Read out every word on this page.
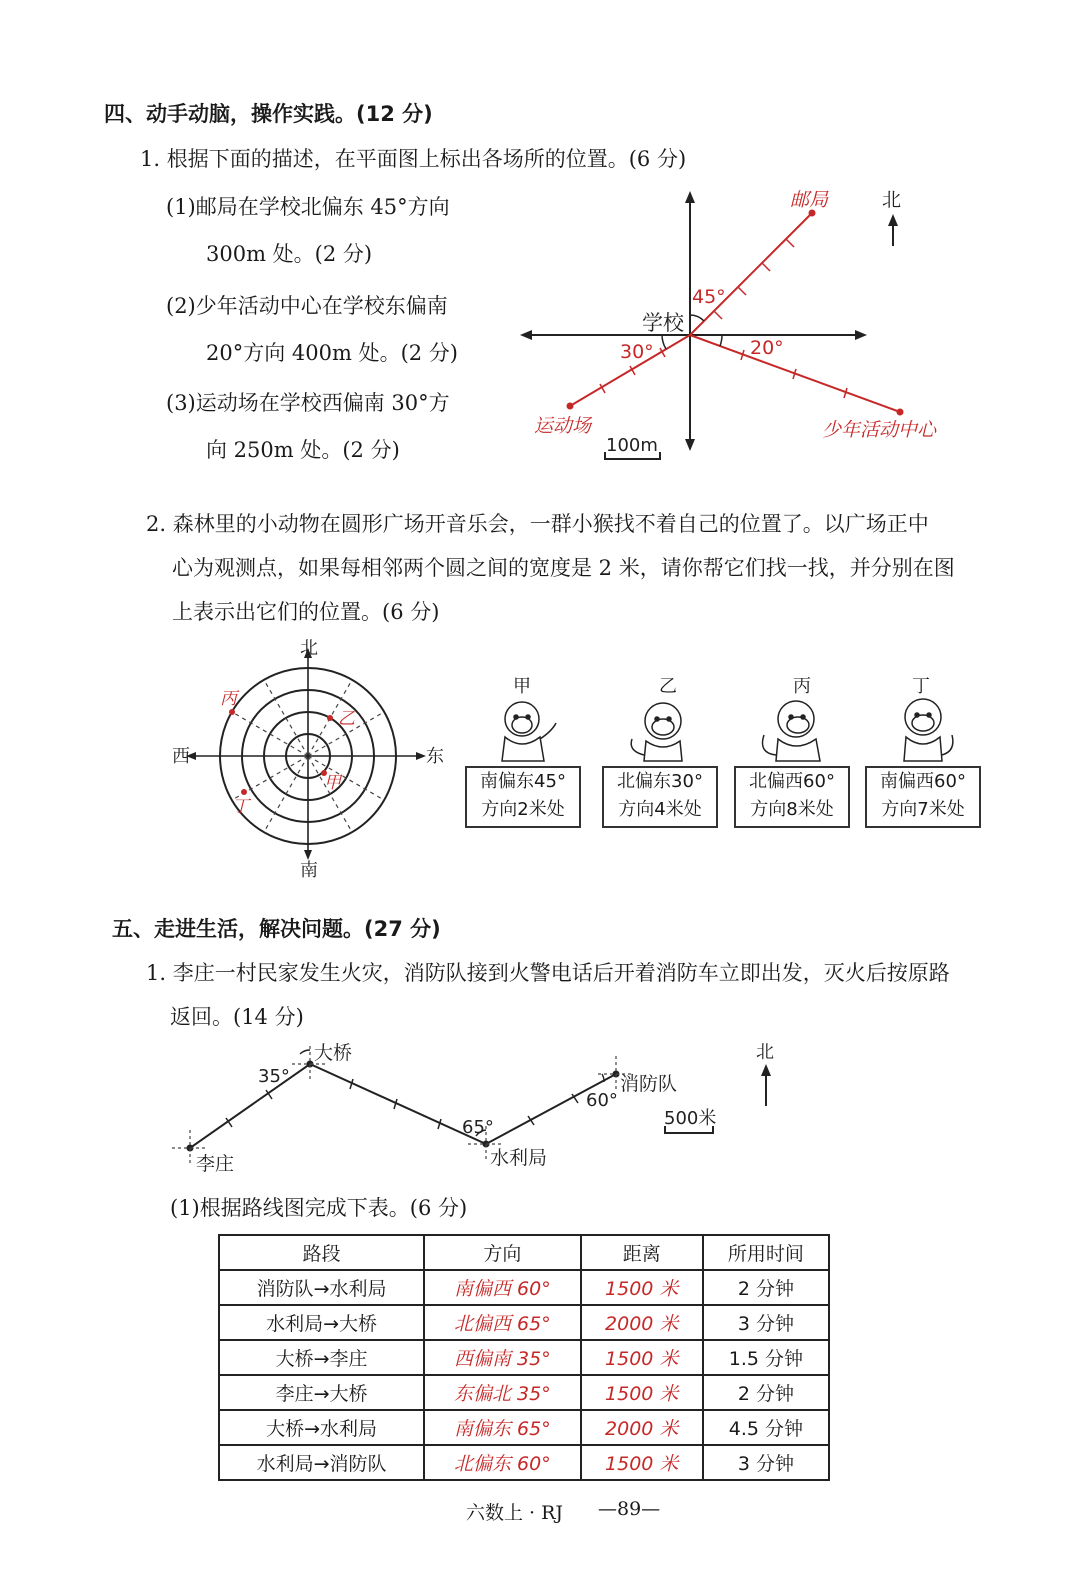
四、动手动脑，操作实践。(12 分)
1. 根据下面的描述，在平面图上标出各场所的位置。(6 分)
(1)邮局在学校北偏东 45°方向
300m 处。(2 分)
(2)少年活动中心在学校东偏南
20°方向 400m 处。(2 分)
(3)运动场在学校西偏南 30°方
向 250m 处。(2 分)
北
学校
邮局
少年活动中心
运动场
45°
20°
30°
100m
2. 森林里的小动物在圆形广场开音乐会，一群小猴找不着自己的位置了。以广场正中
心为观测点，如果每相邻两个圆之间的宽度是 2 米，请你帮它们找一找，并分别在图
上表示出它们的位置。(6 分)
北
南
东
西
甲
乙
丙
丁
甲	乙	丙	丁
南偏东45°
方向2米处
北偏东30°
方向4米处
北偏西60°
方向8米处
南偏西60°
方向7米处
五、走进生活，解决问题。(27 分)
1. 李庄一村民家发生火灾，消防队接到火警电话后开着消防车立即出发，灭火后按原路
返回。(14 分)
李庄
大桥
水利局
消防队
35°
65°
60°
北
500米
(1)根据路线图完成下表。(6 分)
路段	方向	距离	所用时间
消防队→水利局	南偏西 60°	1500 米	2 分钟
水利局→大桥	北偏西 65°	2000 米	3 分钟
大桥→李庄	西偏南 35°	1500 米	1.5 分钟
李庄→大桥	东偏北 35°	1500 米	2 分钟
大桥→水利局	南偏东 65°	2000 米	4.5 分钟
水利局→消防队	北偏东 60°	1500 米	3 分钟
六数上 · RJ —89—
